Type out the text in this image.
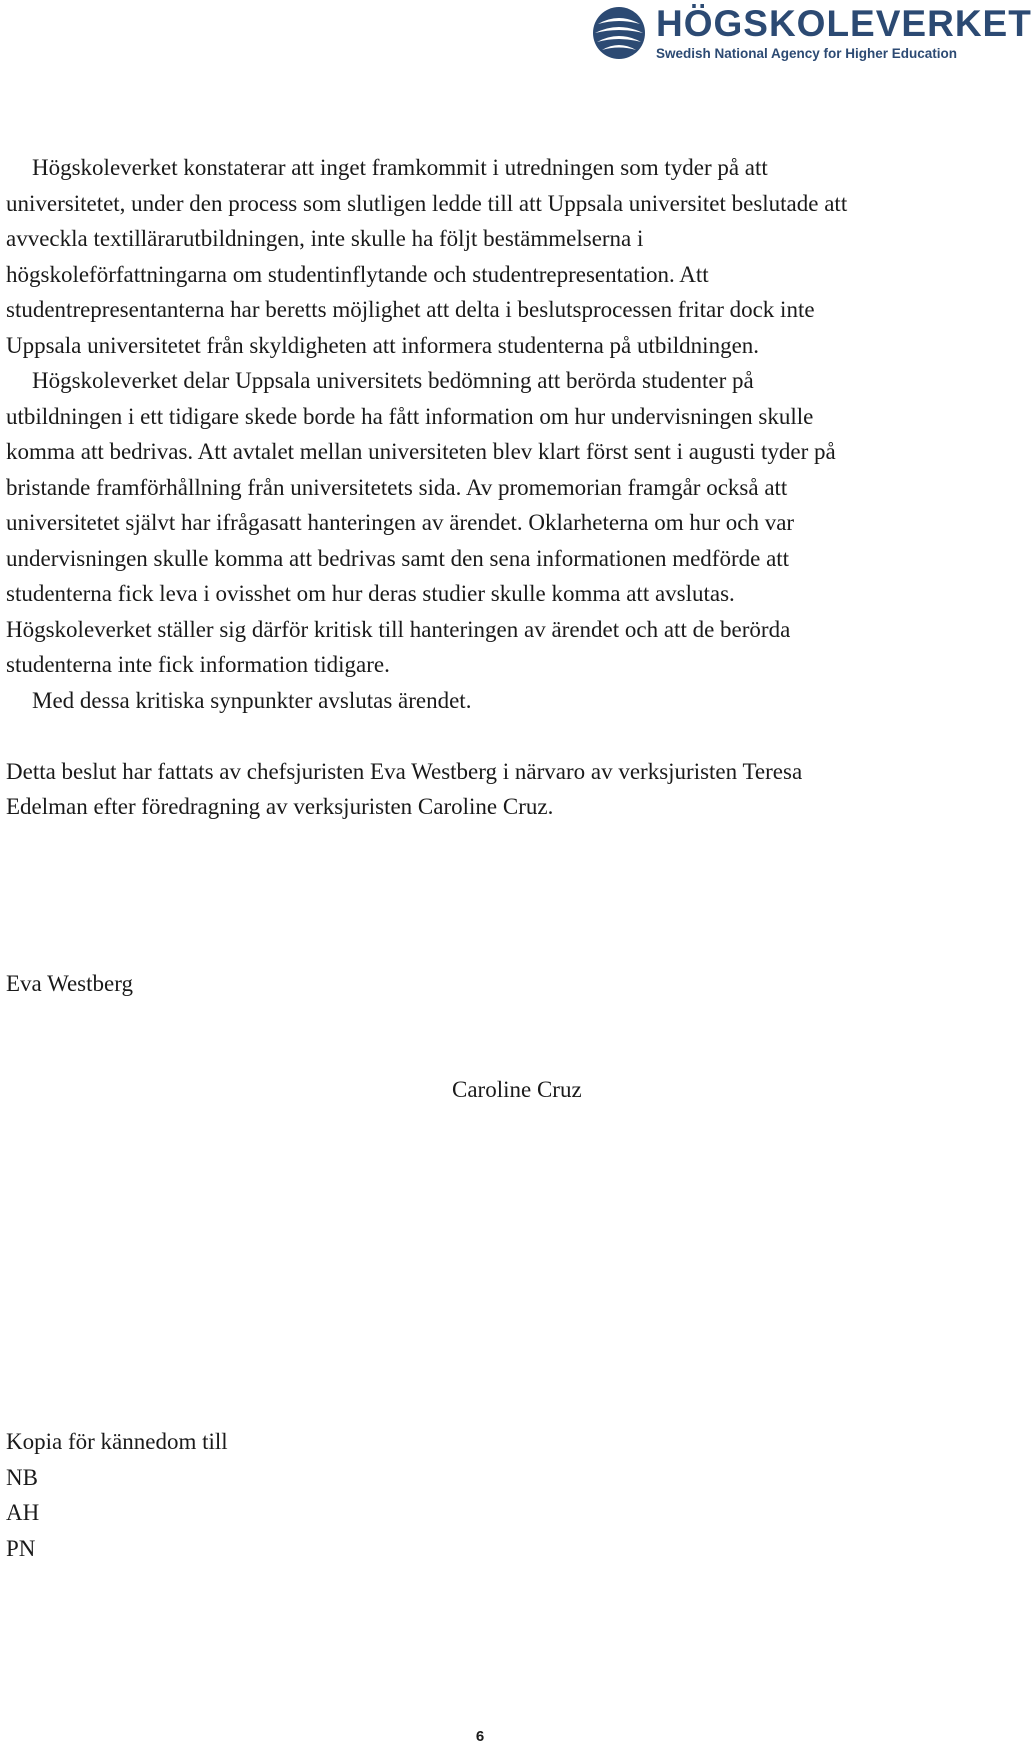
HÖGSKOLEVERKET
Swedish National Agency for Higher Education

Högskoleverket konstaterar att inget framkommit i utredningen som tyder på att universitetet, under den process som slutligen ledde till att Uppsala universitet beslutade att avveckla textillärarutbildningen, inte skulle ha följt bestämmelserna i högskoleförfattningarna om studentinflytande och studentrepresentation. Att studentrepresentanterna har beretts möjlighet att delta i beslutsprocessen fritar dock inte Uppsala universitetet från skyldigheten att informera studenterna på utbildningen.

Högskoleverket delar Uppsala universitets bedömning att berörda studenter på utbildningen i ett tidigare skede borde ha fått information om hur undervisningen skulle komma att bedrivas. Att avtalet mellan universiteten blev klart först sent i augusti tyder på bristande framförhållning från universitetets sida. Av promemorian framgår också att universitetet självt har ifrågasatt hanteringen av ärendet. Oklarheterna om hur och var undervisningen skulle komma att bedrivas samt den sena informationen medförde att studenterna fick leva i ovisshet om hur deras studier skulle komma att avslutas. Högskoleverket ställer sig därför kritisk till hanteringen av ärendet och att de berörda studenterna inte fick information tidigare.

Med dessa kritiska synpunkter avslutas ärendet.

Detta beslut har fattats av chefsjuristen Eva Westberg i närvaro av verksjuristen Teresa Edelman efter föredragning av verksjuristen Caroline Cruz.

Eva Westberg
Caroline Cruz
Kopia för kännedom till
NB
AH
PN
6
